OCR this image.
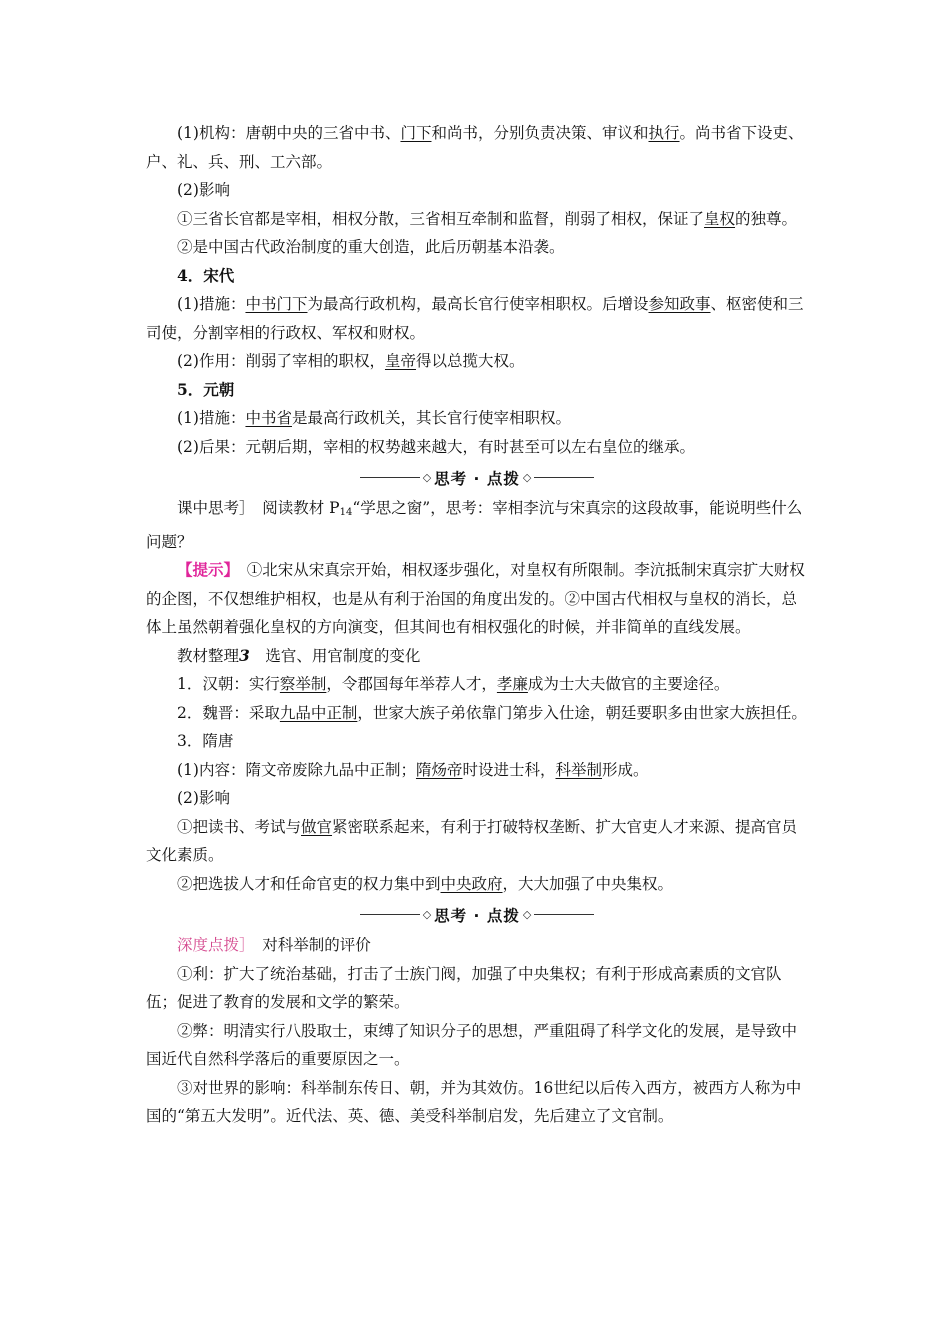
(1)机构：唐朝中央的三省中书、门下和尚书，分别负责决策、审议和执行。尚书省下设吏、户、礼、兵、刑、工六部。

(2)影响

①三省长官都是宰相，相权分散，三省相互牵制和监督，削弱了相权，保证了皇权的独尊。

②是中国古代政治制度的重大创造，此后历朝基本沿袭。

4．宋代

(1)措施：中书门下为最高行政机构，最高长官行使宰相职权。后增设参知政事、枢密使和三司使，分割宰相的行政权、军权和财权。

(2)作用：削弱了宰相的职权，皇帝得以总揽大权。

5．元朝

(1)措施：中书省是最高行政机关，其长官行使宰相职权。

(2)后果：元朝后期，宰相的权势越来越大，有时甚至可以左右皇位的继承。

◇ 思考 · 点拨 ◇

课中思考］　阅读教材 $P_{14}“$学思之窗”，思考：宰相李沆与宋真宗的这段故事，能说明些什么问题？

【提示】　①北宋从宋真宗开始，相权逐步强化，对皇权有所限制。李沆抵制宋真宗扩大财权的企图，不仅想维护相权，也是从有利于治国的角度出发的。②中国古代相权与皇权的消长，总体上虽然朝着强化皇权的方向演变，但其间也有相权强化的时候，并非简单的直线发展。

教材整理3　选官、用官制度的变化

1．汉朝：实行察举制，令郡国每年举荐人才，孝廉成为士大夫做官的主要途径。

2．魏晋：采取九品中正制，世家大族子弟依靠门第步入仕途，朝廷要职多由世家大族担任。

3．隋唐

(1)内容：隋文帝废除九品中正制；隋炀帝时设进士科，科举制形成。

(2)影响

①把读书、考试与做官紧密联系起来，有利于打破特权垄断、扩大官吏人才来源、提高官员文化素质。

②把选拔人才和任命官吏的权力集中到中央政府，大大加强了中央集权。

◇ 思考 · 点拨 ◇

深度点拨］　对科举制的评价

①利：扩大了统治基础，打击了士族门阀，加强了中央集权；有利于形成高素质的文官队伍；促进了教育的发展和文学的繁荣。

②弊：明清实行八股取士，束缚了知识分子的思想，严重阻碍了科学文化的发展，是导致中国近代自然科学落后的重要原因之一。

③对世界的影响：科举制东传日、朝，并为其效仿。16世纪以后传入西方，被西方人称为中国的“第五大发明”。近代法、英、德、美受科举制启发，先后建立了文官制。
